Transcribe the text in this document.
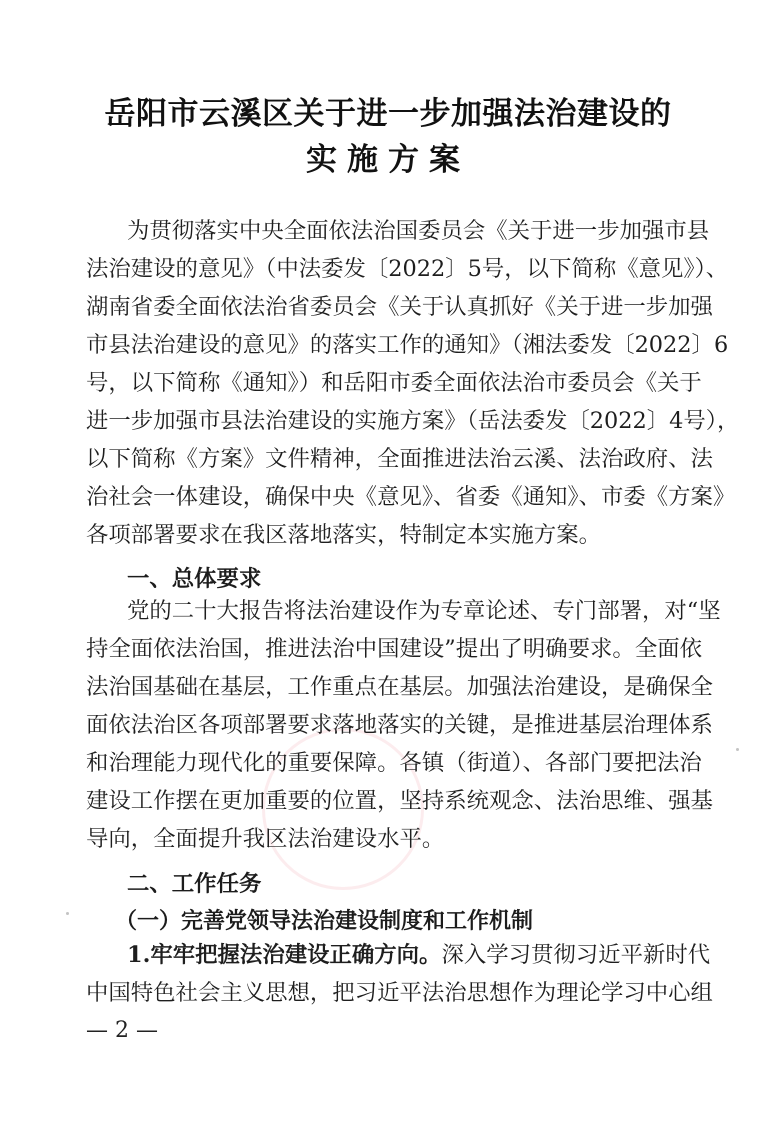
岳阳市云溪区关于进一步加强法治建设的
实施方案
为贯彻落实中央全面依法治国委员会《关于进一步加强市县
法治建设的意见》（中法委发〔2022〕5号，以下简称《意见》）、
湖南省委全面依法治省委员会《关于认真抓好《关于进一步加强
市县法治建设的意见》的落实工作的通知》（湘法委发〔2022〕6
号，以下简称《通知》）和岳阳市委全面依法治市委员会《关于
进一步加强市县法治建设的实施方案》（岳法委发〔2022〕4号），
以下简称《方案》文件精神，全面推进法治云溪、法治政府、法
治社会一体建设，确保中央《意见》、省委《通知》、市委《方案》
各项部署要求在我区落地落实，特制定本实施方案。
一、总体要求
党的二十大报告将法治建设作为专章论述、专门部署，对“坚
持全面依法治国，推进法治中国建设”提出了明确要求。全面依
法治国基础在基层，工作重点在基层。加强法治建设，是确保全
面依法治区各项部署要求落地落实的关键，是推进基层治理体系
和治理能力现代化的重要保障。各镇（街道）、各部门要把法治
建设工作摆在更加重要的位置，坚持系统观念、法治思维、强基
导向，全面提升我区法治建设水平。
二、工作任务
（一）完善党领导法治建设制度和工作机制
1.牢牢把握法治建设正确方向。深入学习贯彻习近平新时代
中国特色社会主义思想，把习近平法治思想作为理论学习中心组
— 2 —
